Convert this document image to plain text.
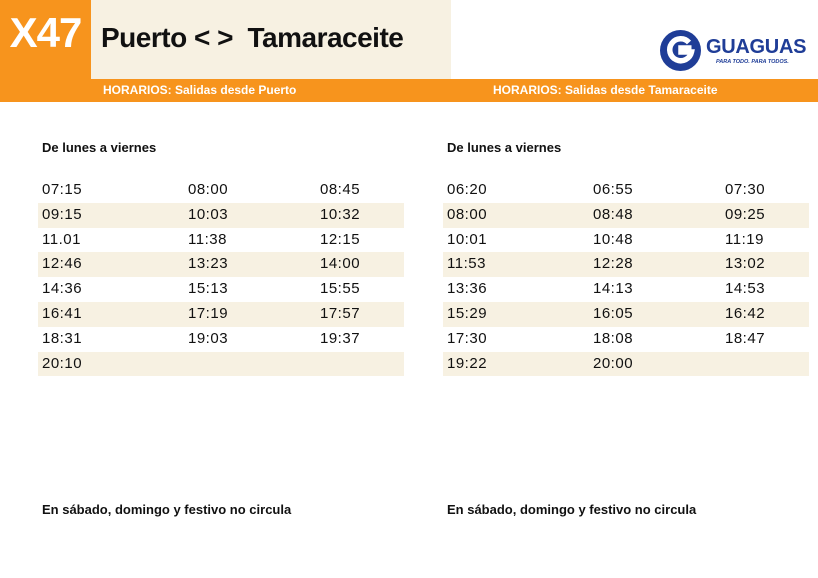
X47 Puerto < >  Tamaraceite	GUAGUAS
PARA TODO. PARA TODOS.
HORARIOS: Salidas desde Puerto	HORARIOS: Salidas desde Tamaraceite
De lunes a viernes
07:15	08:00	08:45
09:15	10:03	10:32
11.01	11:38	12:15
12:46	13:23	14:00
14:36	15:13	15:55
16:41	17:19	17:57
18:31	19:03	19:37
20:10
En sábado, domingo y festivo no circula
De lunes a viernes
06:20	06:55	07:30
08:00	08:48	09:25
10:01	10:48	11:19
11:53	12:28	13:02
13:36	14:13	14:53
15:29	16:05	16:42
17:30	18:08	18:47
19:22	20:00
En sábado, domingo y festivo no circula
